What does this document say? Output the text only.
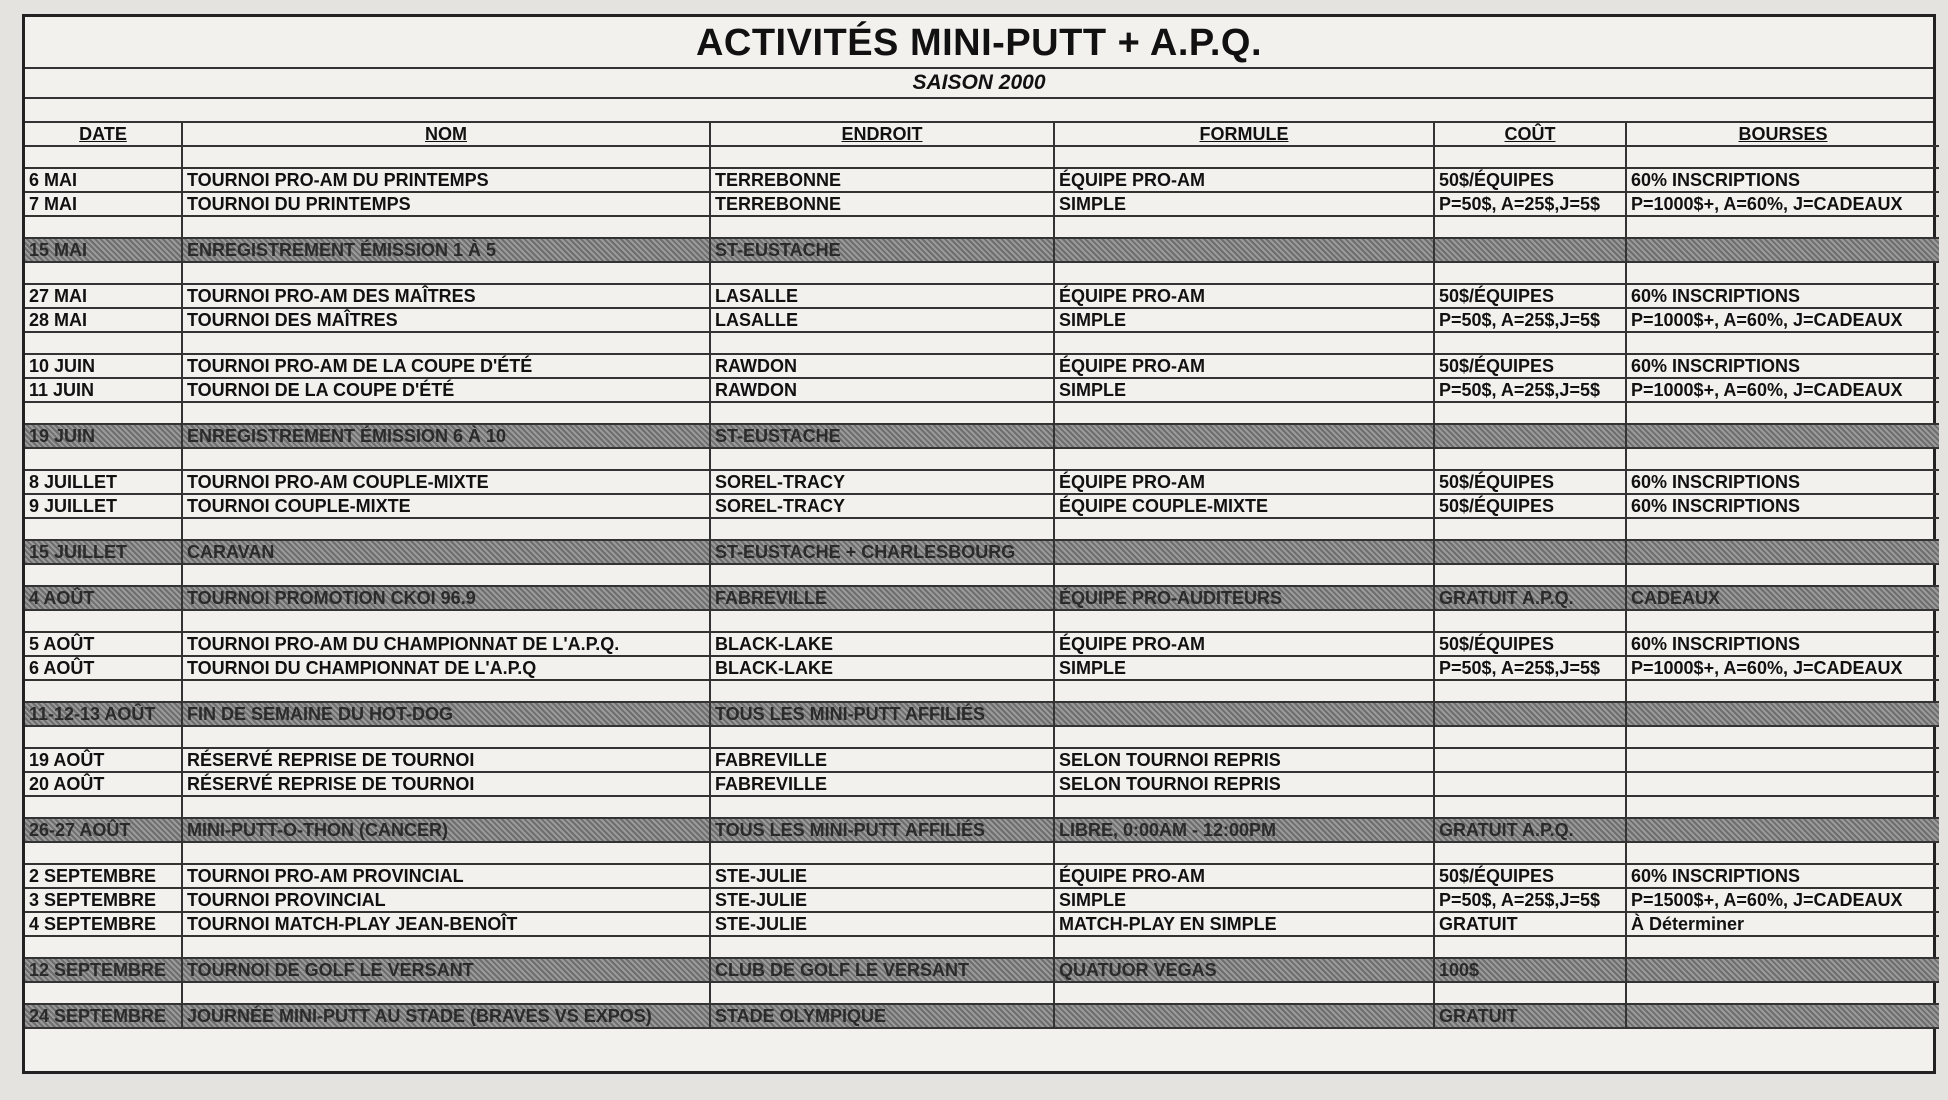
ACTIVITÉS MINI-PUTT + A.P.Q.
SAISON 2000
DATE	NOM	ENDROIT	FORMULE	COÛT	BOURSES

6 MAI	TOURNOI PRO-AM DU PRINTEMPS	TERREBONNE	ÉQUIPE PRO-AM	50$/ÉQUIPES	60% INSCRIPTIONS
7 MAI	TOURNOI DU PRINTEMPS	TERREBONNE	SIMPLE	P=50$, A=25$,J=5$	P=1000$+, A=60%, J=CADEAUX

15 MAI	ENREGISTREMENT ÉMISSION 1 À 5	ST-EUSTACHE			

27 MAI	TOURNOI PRO-AM DES MAÎTRES	LASALLE	ÉQUIPE PRO-AM	50$/ÉQUIPES	60% INSCRIPTIONS
28 MAI	TOURNOI DES MAÎTRES	LASALLE	SIMPLE	P=50$, A=25$,J=5$	P=1000$+, A=60%, J=CADEAUX

10 JUIN	TOURNOI PRO-AM DE LA COUPE D'ÉTÉ	RAWDON	ÉQUIPE PRO-AM	50$/ÉQUIPES	60% INSCRIPTIONS
11 JUIN	TOURNOI DE LA COUPE D'ÉTÉ	RAWDON	SIMPLE	P=50$, A=25$,J=5$	P=1000$+, A=60%, J=CADEAUX

19 JUIN	ENREGISTREMENT ÉMISSION 6 À 10	ST-EUSTACHE			

8 JUILLET	TOURNOI PRO-AM COUPLE-MIXTE	SOREL-TRACY	ÉQUIPE PRO-AM	50$/ÉQUIPES	60% INSCRIPTIONS
9 JUILLET	TOURNOI COUPLE-MIXTE	SOREL-TRACY	ÉQUIPE COUPLE-MIXTE	50$/ÉQUIPES	60% INSCRIPTIONS

15 JUILLET	CARAVAN	ST-EUSTACHE + CHARLESBOURG			

4 AOÛT	TOURNOI PROMOTION CKOI 96.9	FABREVILLE	ÉQUIPE PRO-AUDITEURS	GRATUIT A.P.Q.	CADEAUX

5 AOÛT	TOURNOI PRO-AM DU CHAMPIONNAT DE L'A.P.Q.	BLACK-LAKE	ÉQUIPE PRO-AM	50$/ÉQUIPES	60% INSCRIPTIONS
6 AOÛT	TOURNOI DU CHAMPIONNAT DE L'A.P.Q	BLACK-LAKE	SIMPLE	P=50$, A=25$,J=5$	P=1000$+, A=60%, J=CADEAUX

11-12-13 AOÛT	FIN DE SEMAINE DU HOT-DOG	TOUS LES MINI-PUTT AFFILIÉS			

19 AOÛT	RÉSERVÉ REPRISE DE TOURNOI	FABREVILLE	SELON TOURNOI REPRIS		
20 AOÛT	RÉSERVÉ REPRISE DE TOURNOI	FABREVILLE	SELON TOURNOI REPRIS		

26-27 AOÛT	MINI-PUTT-O-THON (CANCER)	TOUS LES MINI-PUTT AFFILIÉS	LIBRE, 0:00AM - 12:00PM	GRATUIT A.P.Q.	

2 SEPTEMBRE	TOURNOI PRO-AM PROVINCIAL	STE-JULIE	ÉQUIPE PRO-AM	50$/ÉQUIPES	60% INSCRIPTIONS
3 SEPTEMBRE	TOURNOI PROVINCIAL	STE-JULIE	SIMPLE	P=50$, A=25$,J=5$	P=1500$+, A=60%, J=CADEAUX
4 SEPTEMBRE	TOURNOI MATCH-PLAY JEAN-BENOÎT	STE-JULIE	MATCH-PLAY EN SIMPLE	GRATUIT	À Déterminer

12 SEPTEMBRE	TOURNOI DE GOLF LE VERSANT	CLUB DE GOLF LE VERSANT	QUATUOR VEGAS	100$	

24 SEPTEMBRE	JOURNÉE MINI-PUTT AU STADE (BRAVES VS EXPOS)	STADE OLYMPIQUE		GRATUIT	
